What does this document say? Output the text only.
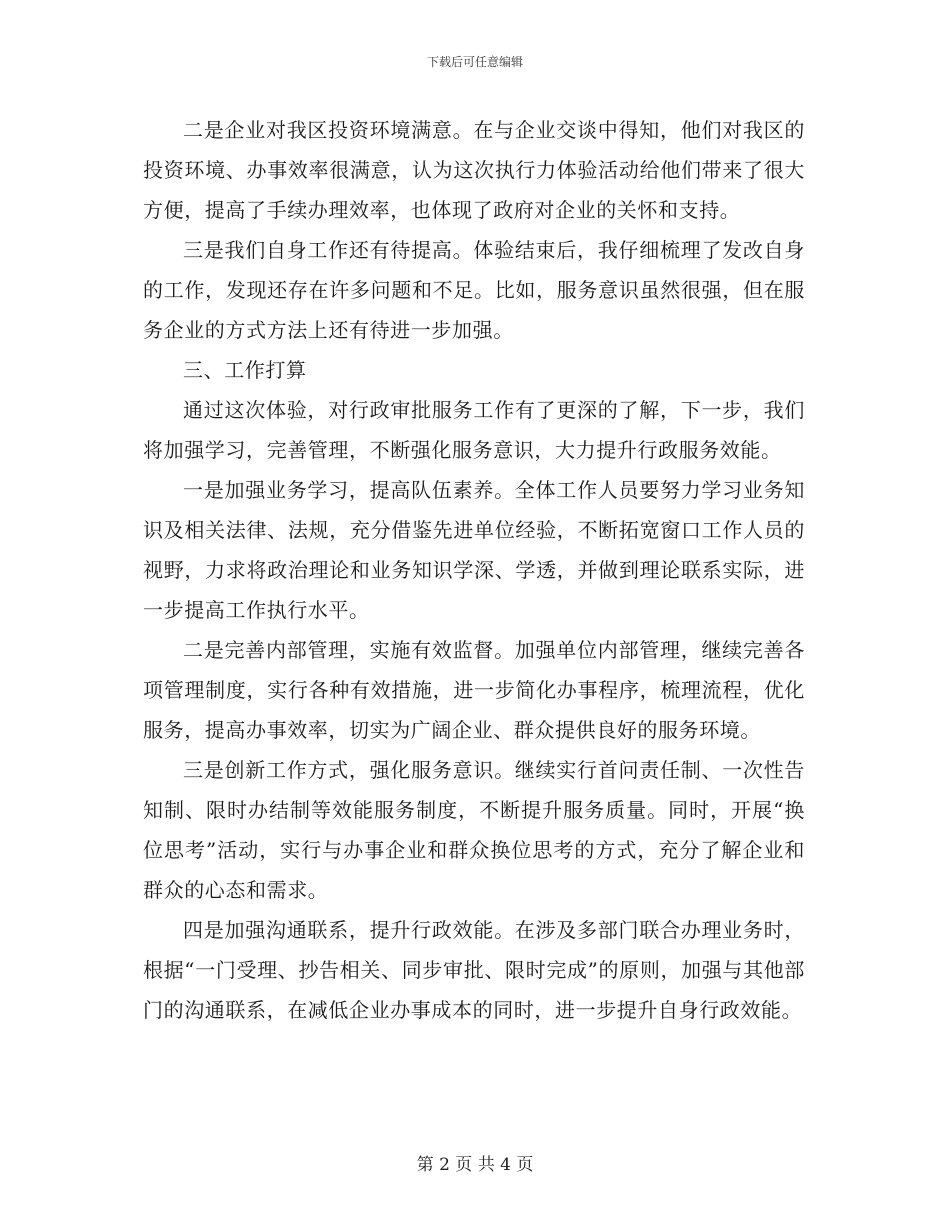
下载后可任意编辑

二是企业对我区投资环境满意。在与企业交谈中得知，他们对我区的投资环境、办事效率很满意，认为这次执行力体验活动给他们带来了很大方便，提高了手续办理效率，也体现了政府对企业的关怀和支持。

三是我们自身工作还有待提高。体验结束后，我仔细梳理了发改自身的工作，发现还存在许多问题和不足。比如，服务意识虽然很强，但在服务企业的方式方法上还有待进一步加强。

三、工作打算

通过这次体验，对行政审批服务工作有了更深的了解，下一步，我们将加强学习，完善管理，不断强化服务意识，大力提升行政服务效能。

一是加强业务学习，提高队伍素养。全体工作人员要努力学习业务知识及相关法律、法规，充分借鉴先进单位经验，不断拓宽窗口工作人员的视野，力求将政治理论和业务知识学深、学透，并做到理论联系实际，进一步提高工作执行水平。

二是完善内部管理，实施有效监督。加强单位内部管理，继续完善各项管理制度，实行各种有效措施，进一步简化办事程序，梳理流程，优化服务，提高办事效率，切实为广阔企业、群众提供良好的服务环境。

三是创新工作方式，强化服务意识。继续实行首问责任制、一次性告知制、限时办结制等效能服务制度，不断提升服务质量。同时，开展“换位思考”活动，实行与办事企业和群众换位思考的方式，充分了解企业和群众的心态和需求。

四是加强沟通联系，提升行政效能。在涉及多部门联合办理业务时，根据“一门受理、抄告相关、同步审批、限时完成”的原则，加强与其他部门的沟通联系，在减低企业办事成本的同时，进一步提升自身行政效能。

第 2 页 共 4 页
